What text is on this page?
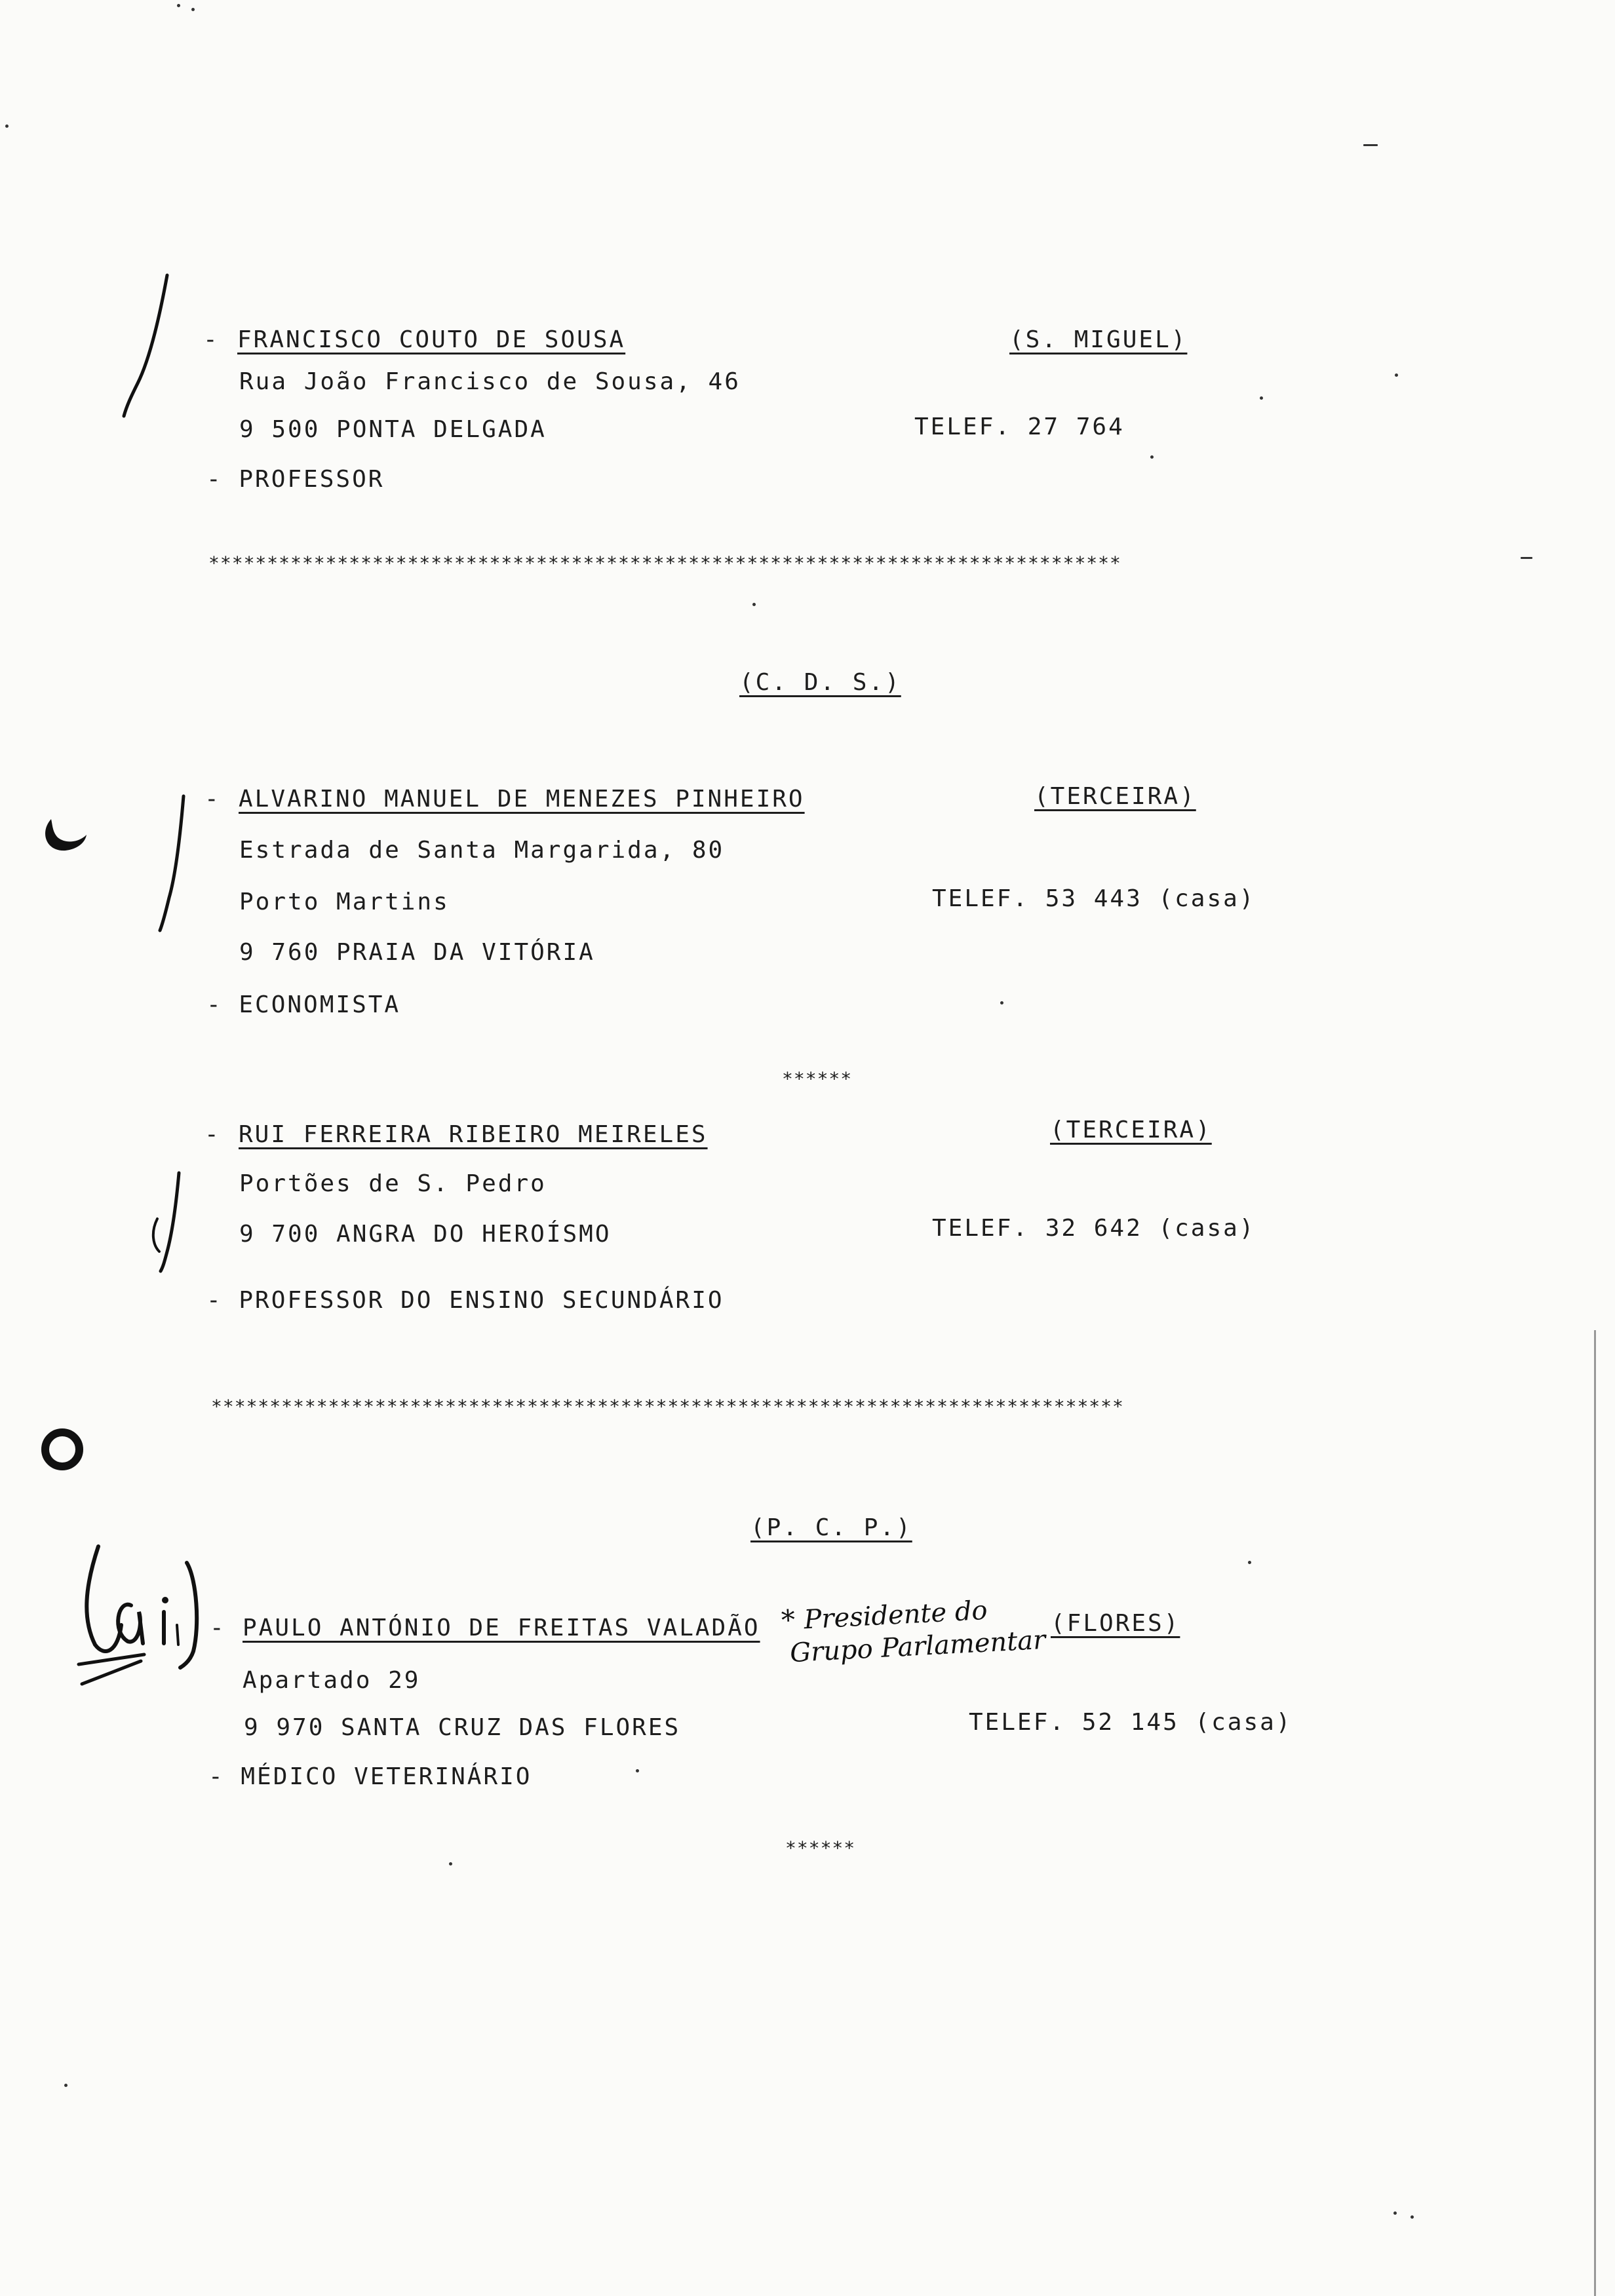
- FRANCISCO COUTO DE SOUSA	(S. MIGUEL)
Rua João Francisco de Sousa, 46
9 500 PONTA DELGADA	TELEF. 27 764
- PROFESSOR
******************************************************************************
(C. D. S.)
- ALVARINO MANUEL DE MENEZES PINHEIRO	(TERCEIRA)
Estrada de Santa Margarida, 80
Porto Martins	TELEF. 53 443 (casa)
9 760 PRAIA DA VITÓRIA
- ECONOMISTA
******
- RUI FERREIRA RIBEIRO MEIRELES	(TERCEIRA)
Portões de S. Pedro
9 700 ANGRA DO HEROÍSMO	TELEF. 32 642 (casa)
- PROFESSOR DO ENSINO SECUNDÁRIO
******************************************************************************
(P. C. P.)
- PAULO ANTÓNIO DE FREITAS VALADÃO	(FLORES)
Apartado 29
9 970 SANTA CRUZ DAS FLORES	TELEF. 52 145 (casa)
- MÉDICO VETERINÁRIO
******
* Presidente do
Grupo Parlamentar
